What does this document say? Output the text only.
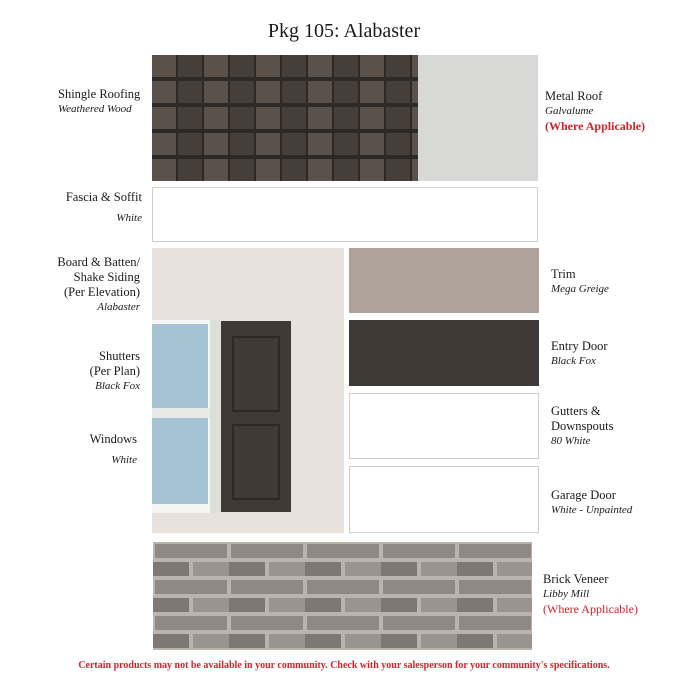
Pkg 105: Alabaster
Shingle Roofing
Weathered Wood
Metal Roof
Galvalume
(Where Applicable)
Fascia & Soffit
White
Board & Batten/
Shake Siding
(Per Elevation)
Alabaster
Shutters
(Per Plan)
Black Fox
Windows
White
Trim
Mega Greige
Entry Door
Black Fox
Gutters &
Downspouts
80 White
Garage Door
White - Unpainted
Brick Veneer
Libby Mill
(Where Applicable)
Certain products may not be available in your community. Check with your salesperson for your community's specifications.
